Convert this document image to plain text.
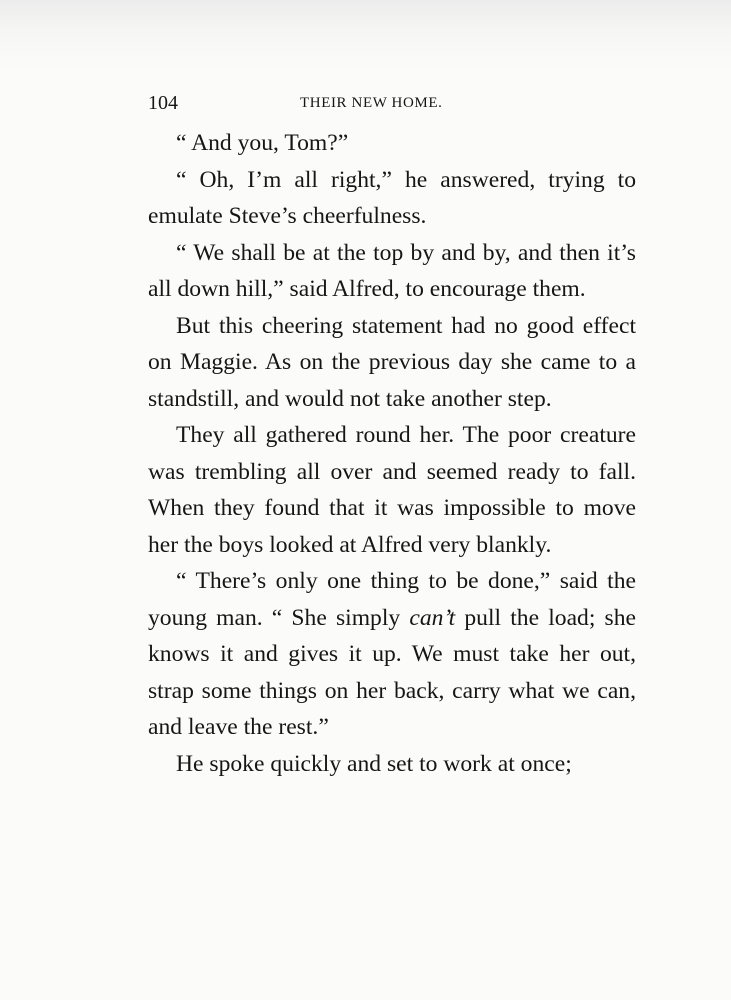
104	THEIR NEW HOME.

“ And you, Tom?”

“ Oh, I’m all right,” he answered, trying to emulate Steve’s cheerfulness.

“ We shall be at the top by and by, and then it’s all down hill,” said Alfred, to encourage them.

But this cheering statement had no good effect on Maggie. As on the previous day she came to a standstill, and would not take another step.

They all gathered round her. The poor creature was trembling all over and seemed ready to fall. When they found that it was impossible to move her the boys looked at Alfred very blankly.

“ There’s only one thing to be done,” said the young man. “ She simply can’t pull the load; she knows it and gives it up. We must take her out, strap some things on her back, carry what we can, and leave the rest.”

He spoke quickly and set to work at once;
